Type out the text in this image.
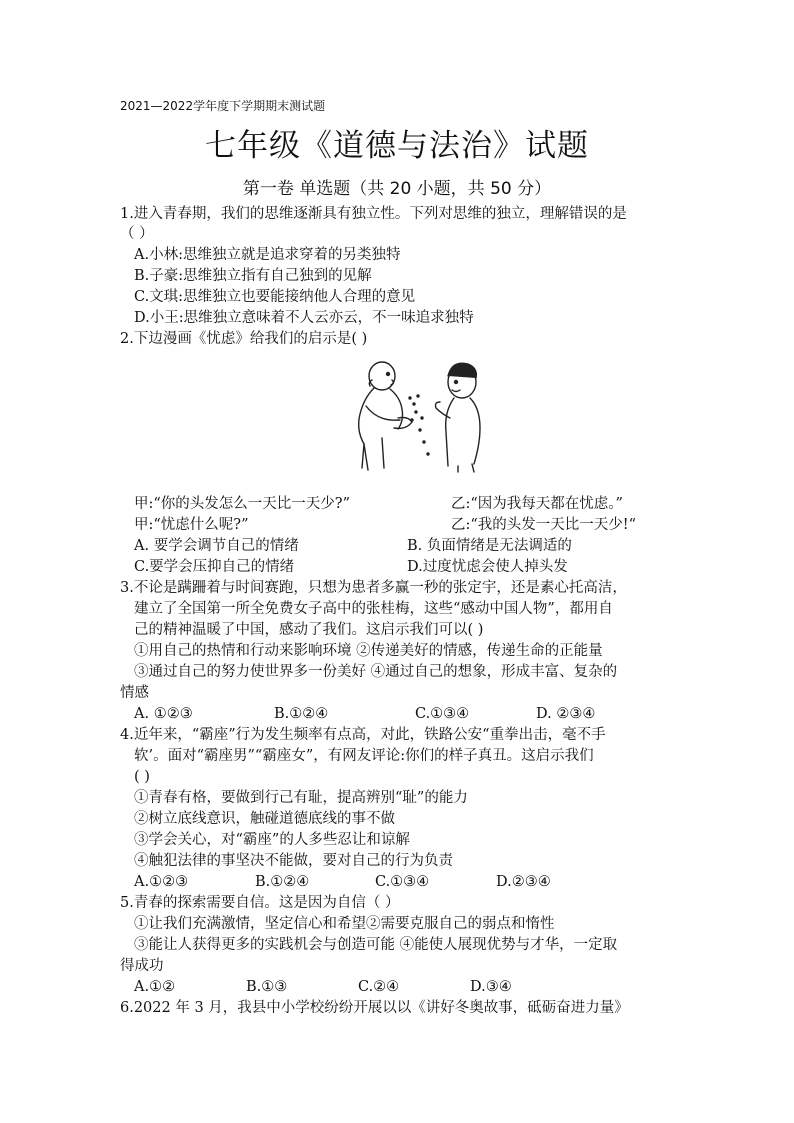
2021—2022学年度下学期期末测试题
七年级《道德与法治》试题
第一卷 单选题（共 20 小题，共 50 分）
1.进入青春期，我们的思维逐渐具有独立性。下列对思维的独立，理解错误的是
（ ）
A.小林:思维独立就是追求穿着的另类独特
B.子豪:思维独立指有自己独到的见解
C.文琪:思维独立也要能接纳他人合理的意见
D.小王:思维独立意味着不人云亦云，不一味追求独特
2.下边漫画《忧虑》给我们的启示是( )
甲:“你的头发怎么一天比一天少?”	乙:“因为我每天都在忧虑。”
甲:“忧虑什么呢?”	乙:“我的头发一天比一天少!“
A. 要学会调节自己的情绪	B. 负面情绪是无法调适的
C.要学会压抑自己的情绪	D.过度忧虑会使人掉头发
3.不论是蹒跚着与时间赛跑，只想为患者多赢一秒的张定宇，还是素心托高洁，
建立了全国第一所全免费女子高中的张桂梅，这些“感动中国人物”，都用自
己的精神温暖了中国，感动了我们。这启示我们可以( )
①用自己的热情和行动来影响环境 ②传递美好的情感，传递生命的正能量
③通过自己的努力使世界多一份美好 ④通过自己的想象，形成丰富、复杂的
情感
A. ①②③	B.①②④	C.①③④	D. ②③④
4.近年来，“霸座”行为发生频率有点高，对此，铁路公安“重拳出击，毫不手
软’。面对“霸座男”“霸座女”，有网友评论:你们的样子真丑。这启示我们
( )
①青春有格，要做到行己有耻，提高辨别“耻”的能力
②树立底线意识，触碰道德底线的事不做
③学会关心，对“霸座”的人多些忍让和谅解
④触犯法律的事坚决不能做，要对自己的行为负责
A.①②③	B.①②④	C.①③④	D.②③④
5.青春的探索需要自信。这是因为自信（ ）
①让我们充满激情，坚定信心和希望②需要克服自己的弱点和惰性
③能让人获得更多的实践机会与创造可能 ④能使人展现优势与才华，一定取
得成功
A.①②	B.①③	C.②④	D.③④
6.2022 年 3 月，我县中小学校纷纷开展以以《讲好冬奥故事，砥砺奋进力量》
